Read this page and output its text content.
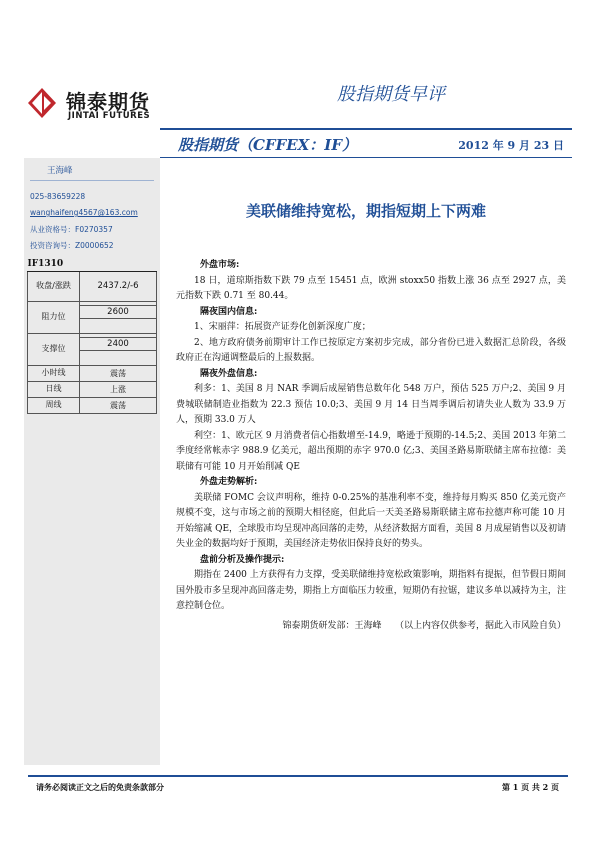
锦泰期货
JINTAI FUTURES
股指期货早评
股指期货（CFFEX：IF）	2012 年 9 月 23 日
王海峰
025-83659228
wanghaifeng4567@163.com
从业资格号：F0270357
投资咨询号：Z0000652
IF1310	
收盘/涨跌	2437.2/-6
阻力位	2600

支撑位	2400

小时线	震荡
日线	上涨
周线	震荡
美联储维持宽松，期指短期上下两难
外盘市场:
18 日，道琼斯指数下跌 79 点至 15451 点，欧洲 stoxx50 指数上涨 36 点至 2927 点，美元指数下跌 0.71 至 80.44。
隔夜国内信息:
1、宋丽萍：拓展资产证券化创新深度广度；
2、地方政府债务前期审计工作已按原定方案初步完成，部分省份已进入数据汇总阶段，各级政府正在沟通调整最后的上报数据。
隔夜外盘信息:
利多：1、美国 8 月 NAR 季调后成屋销售总数年化 548 万户，预估 525 万户;2、美国 9 月费城联储制造业指数为 22.3 预估 10.0;3、美国 9 月 14 日当周季调后初请失业人数为 33.9 万人，预期 33.0 万人
利空：1、欧元区 9 月消费者信心指数增至-14.9，略逊于预期的-14.5;2、美国 2013 年第二季度经常帐赤字 988.9 亿美元，超出预期的赤字 970.0 亿;3、美国圣路易斯联储主席布拉德：美联储有可能 10 月开始削减 QE
外盘走势解析:
美联储 FOMC 会议声明称，维持 0-0.25%的基准利率不变，维持每月购买 850 亿美元资产规模不变，这与市场之前的预期大相径庭，但此后一天美圣路易斯联储主席布拉德声称可能 10 月开始缩减 QE，全球股市均呈现冲高回落的走势，从经济数据方面看，美国 8 月成屋销售以及初请失业金的数据均好于预期，美国经济走势依旧保持良好的势头。
盘前分析及操作提示:
期指在 2400 上方获得有力支撑，受美联储维持宽松政策影响，期指料有提振，但节假日期间国外股市多呈现冲高回落走势，期指上方面临压力较重，短期仍有拉锯，建议多单以减持为主，注意控制仓位。
锦泰期货研发部：王海峰　　（以上内容仅供参考，据此入市风险自负）
请务必阅读正文之后的免责条款部分	第 1 页 共 2 页
